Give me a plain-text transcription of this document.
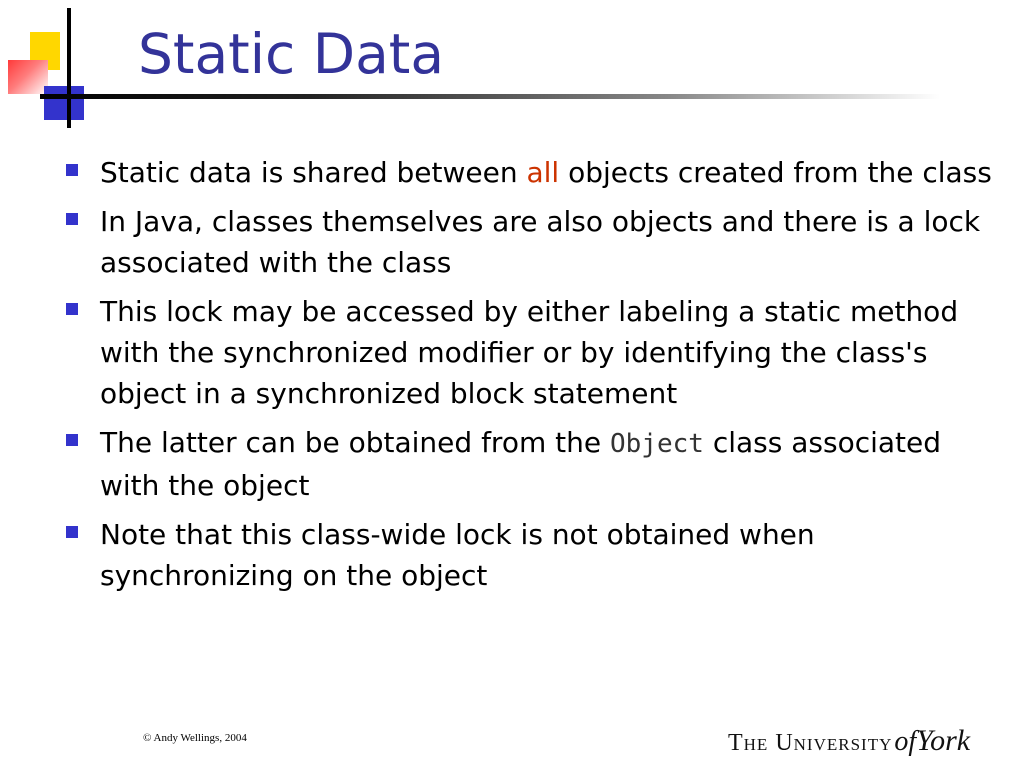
Static Data
Static data is shared between all objects created from the class
In Java, classes themselves are also objects and there is a lock associated with the class
This lock may be accessed by either labeling a static method with the synchronized modifier or by identifying the class's object in a synchronized block statement
The latter can be obtained from the Object class associated with the object
Note that this class-wide lock is not obtained when synchronizing on the object
© Andy Wellings, 2004	The UniversityofYork
